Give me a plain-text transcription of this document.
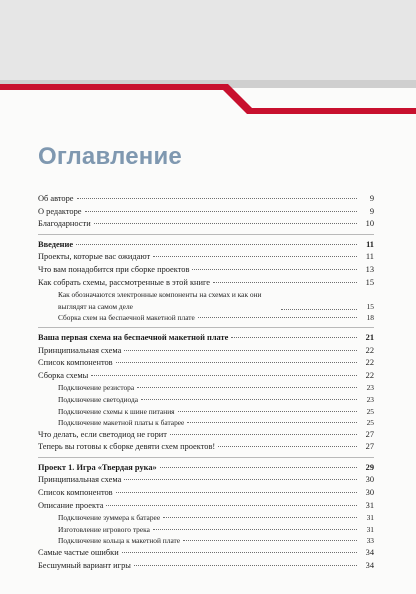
Оглавление
Об авторе	9
О редакторе	9
Благодарности	10
Введение	11
Проекты, которые вас ожидают	11
Что вам понадобится при сборке проектов	13
Как собрать схемы, рассмотренные в этой книге	15
Как обозначаются электронные компоненты на схемах и как они выглядят на самом деле	15
Сборка схем на беспаечной макетной плате	18
Ваша первая схема на беспаечной макетной плате	21
Принципиальная схема	22
Список компонентов	22
Сборка схемы	22
Подключение резистора	23
Подключение светодиода	23
Подключение схемы к шине питания	25
Подключение макетной платы к батарее	25
Что делать, если светодиод не горит	27
Теперь вы готовы к сборке девяти схем проектов!	27
Проект 1. Игра «Твердая рука»	29
Принципиальная схема	30
Список компонентов	30
Описание проекта	31
Подключение зуммера к батарее	31
Изготовление игрового трека	31
Подключение кольца к макетной плате	33
Самые частые ошибки	34
Бесшумный вариант игры	34
